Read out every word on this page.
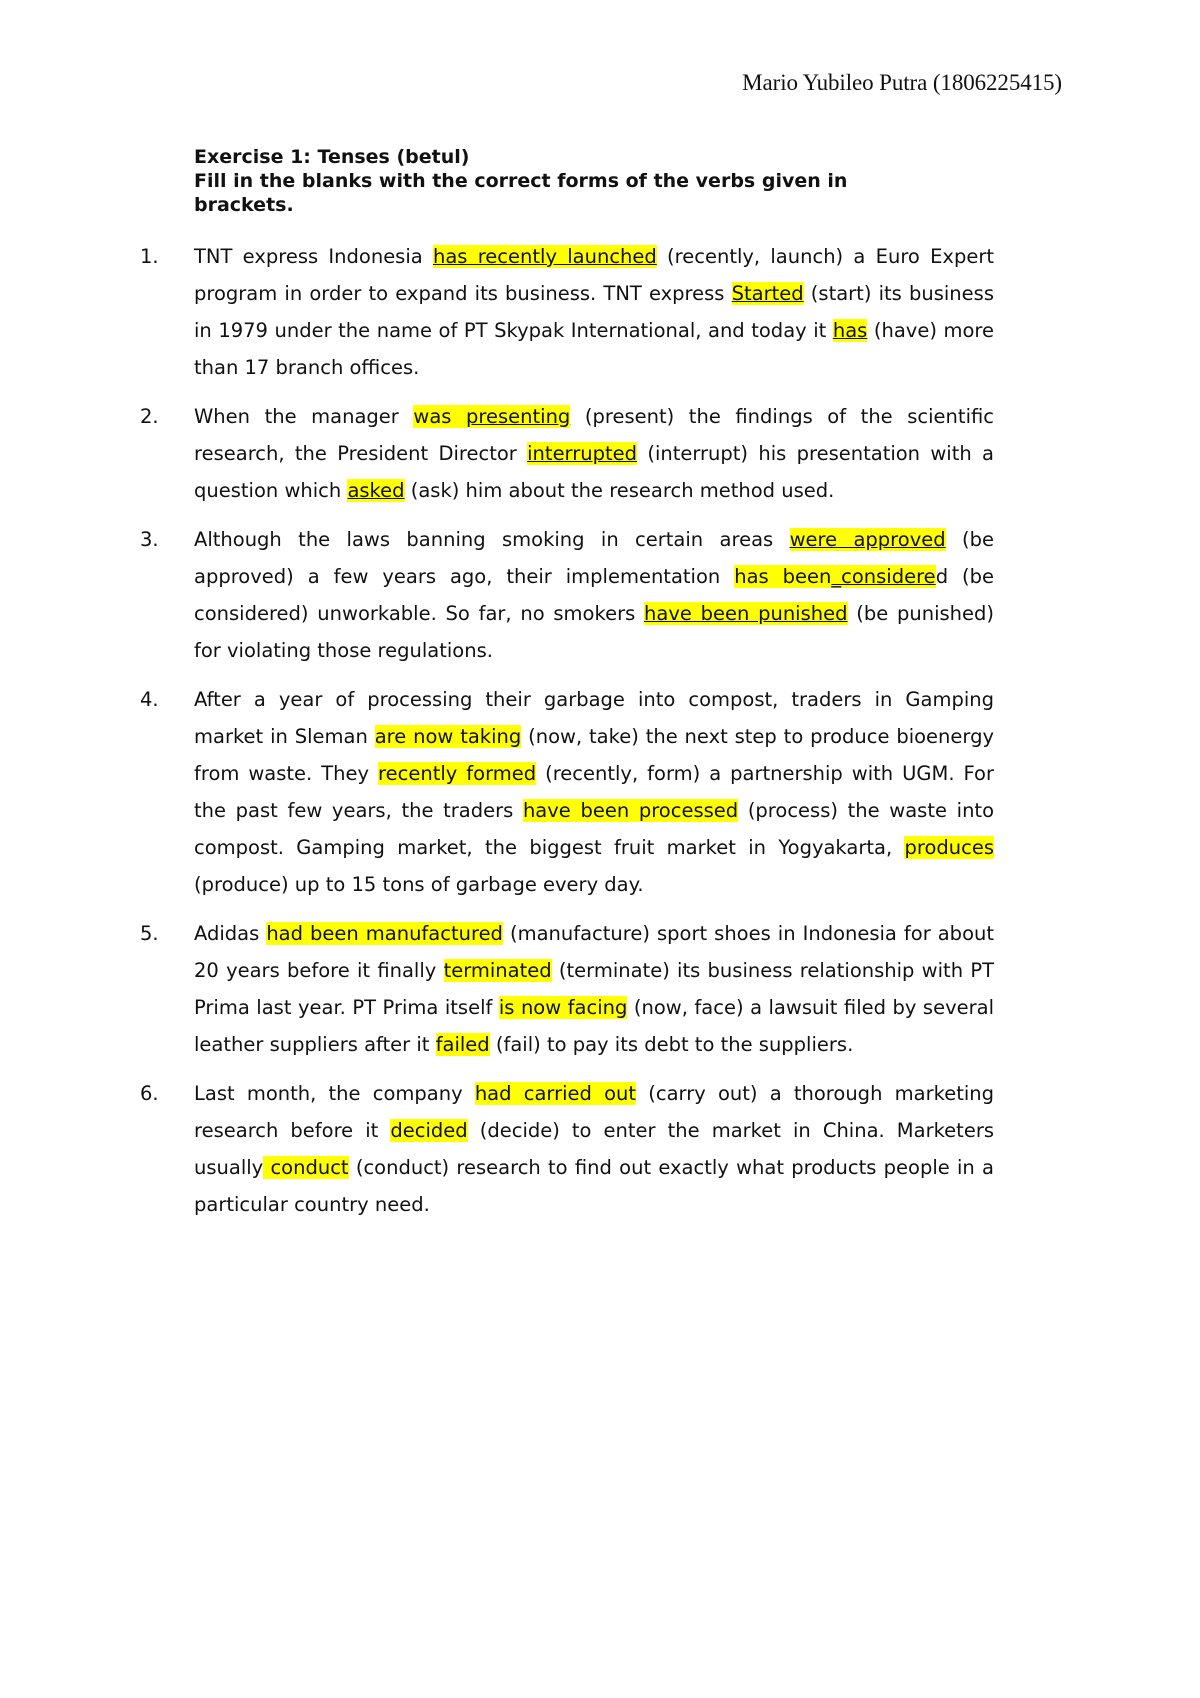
Mario Yubileo Putra (1806225415)
Exercise 1: Tenses (betul)
Fill in the blanks with the correct forms of the verbs given in brackets.
1. TNT express Indonesia has recently launched (recently, launch) a Euro Expert program in order to expand its business. TNT express Started (start) its business in 1979 under the name of PT Skypak International, and today it has (have) more than 17 branch offices.
2. When the manager was presenting (present) the findings of the scientific research, the President Director interrupted (interrupt) his presentation with a question which asked (ask) him about the research method used.
3. Although the laws banning smoking in certain areas were approved (be approved) a few years ago, their implementation has been_considered (be considered) unworkable. So far, no smokers have been punished (be punished) for violating those regulations.
4. After a year of processing their garbage into compost, traders in Gamping market in Sleman are now taking (now, take) the next step to produce bioenergy from waste. They recently formed (recently, form) a partnership with UGM. For the past few years, the traders have been processed (process) the waste into compost. Gamping market, the biggest fruit market in Yogyakarta, produces (produce) up to 15 tons of garbage every day.
5. Adidas had been manufactured (manufacture) sport shoes in Indonesia for about 20 years before it finally terminated (terminate) its business relationship with PT Prima last year. PT Prima itself is now facing (now, face) a lawsuit filed by several leather suppliers after it failed (fail) to pay its debt to the suppliers.
6. Last month, the company had carried out (carry out) a thorough marketing research before it decided (decide) to enter the market in China. Marketers usually conduct (conduct) research to find out exactly what products people in a particular country need.
